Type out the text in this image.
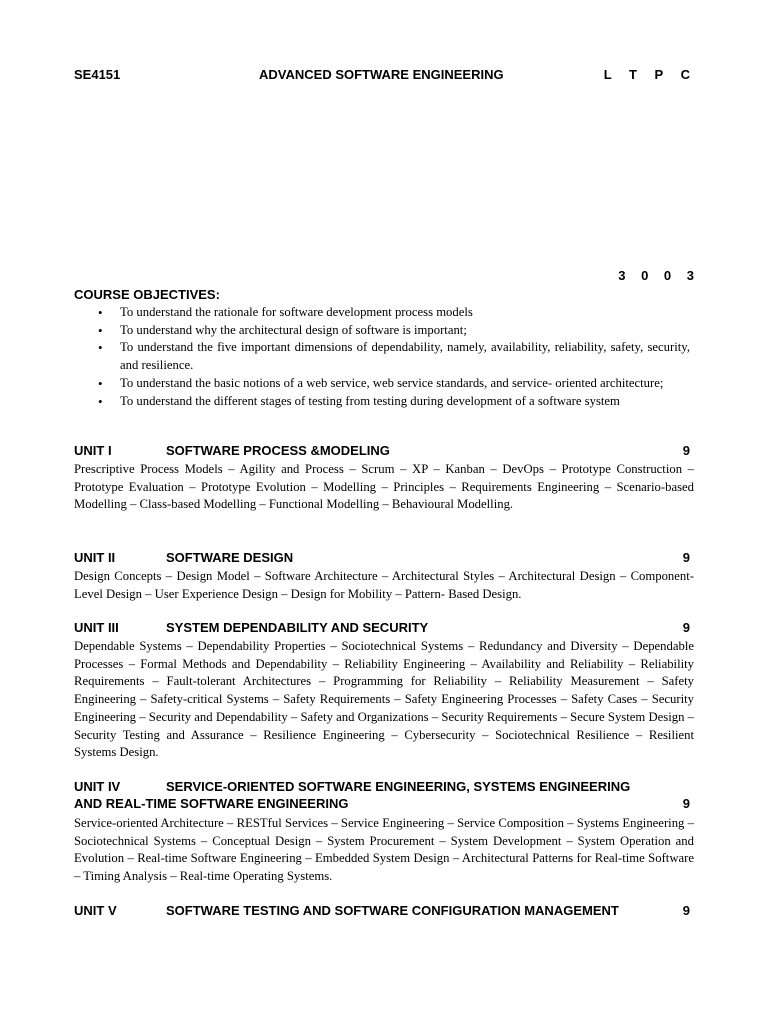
SE4151	ADVANCED SOFTWARE ENGINEERING	L T P C
3 0 0 3
COURSE OBJECTIVES:
• To understand the rationale for software development process models
• To understand why the architectural design of software is important;
• To understand the five important dimensions of dependability, namely, availability, reliability, safety, security, and resilience.
• To understand the basic notions of a web service, web service standards, and service- oriented architecture;
• To understand the different stages of testing from testing during development of a software system
UNIT I	SOFTWARE PROCESS &MODELING	9
Prescriptive Process Models – Agility and Process – Scrum – XP – Kanban – DevOps – Prototype Construction – Prototype Evaluation – Prototype Evolution – Modelling – Principles – Requirements Engineering – Scenario-based Modelling – Class-based Modelling – Functional Modelling – Behavioural Modelling.
UNIT II	SOFTWARE DESIGN	9
Design Concepts – Design Model – Software Architecture – Architectural Styles – Architectural Design – Component-Level Design – User Experience Design – Design for Mobility – Pattern- Based Design.
UNIT III	SYSTEM DEPENDABILITY AND SECURITY	9
Dependable Systems – Dependability Properties – Sociotechnical Systems – Redundancy and Diversity – Dependable Processes – Formal Methods and Dependability – Reliability Engineering – Availability and Reliability – Reliability Requirements – Fault-tolerant Architectures – Programming for Reliability – Reliability Measurement – Safety Engineering – Safety-critical Systems – Safety Requirements – Safety Engineering Processes – Safety Cases – Security Engineering – Security and Dependability – Safety and Organizations – Security Requirements – Secure System Design – Security Testing and Assurance – Resilience Engineering – Cybersecurity – Sociotechnical Resilience – Resilient Systems Design.
UNIT IV	SERVICE-ORIENTED SOFTWARE ENGINEERING, SYSTEMS ENGINEERING
AND REAL-TIME SOFTWARE ENGINEERING	9
Service-oriented Architecture – RESTful Services – Service Engineering – Service Composition – Systems Engineering – Sociotechnical Systems – Conceptual Design – System Procurement – System Development – System Operation and Evolution – Real-time Software Engineering – Embedded System Design – Architectural Patterns for Real-time Software – Timing Analysis – Real-time Operating Systems.
UNIT V	SOFTWARE TESTING AND SOFTWARE CONFIGURATION MANAGEMENT	9
